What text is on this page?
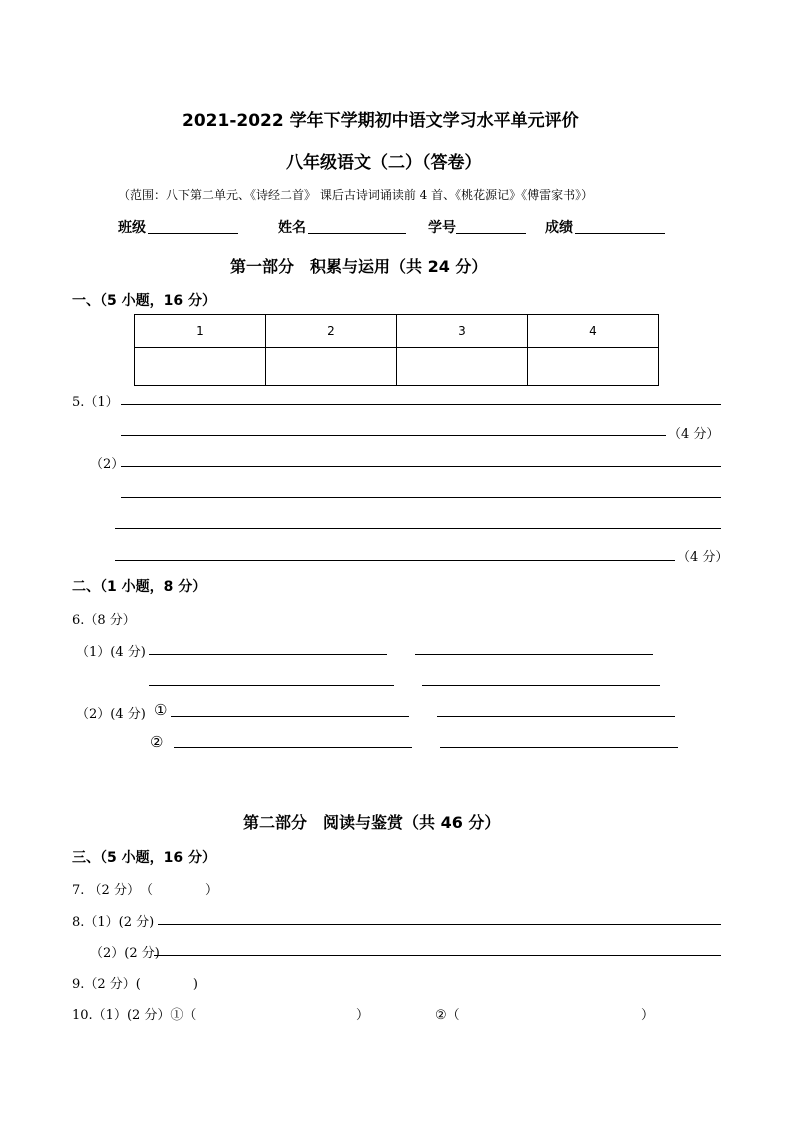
2021-2022 学年下学期初中语文学习水平单元评价
八年级语文（二）（答卷）
（范围：八下第二单元、《诗经二首》 课后古诗词诵读前 4 首、《桃花源记》《傅雷家书》）
班级	姓名	学号	成绩
第一部分　积累与运用（共 24 分）
一、（5 小题，16 分）
1	2	3	4

5.（1）
（4 分）
（2）
（4 分）
二、（1 小题，8 分）
6.（8 分）
（1）(4 分)
（2）(4 分) ①
②
第二部分　阅读与鉴赏（共 46 分）
三、（5 小题，16 分）
7. （2 分）　（　　　　）
8.（1）(2 分)
（2）(2 分)
9.（2 分）(　　　　)
10.（1）(2 分）①（	）	②（	）
